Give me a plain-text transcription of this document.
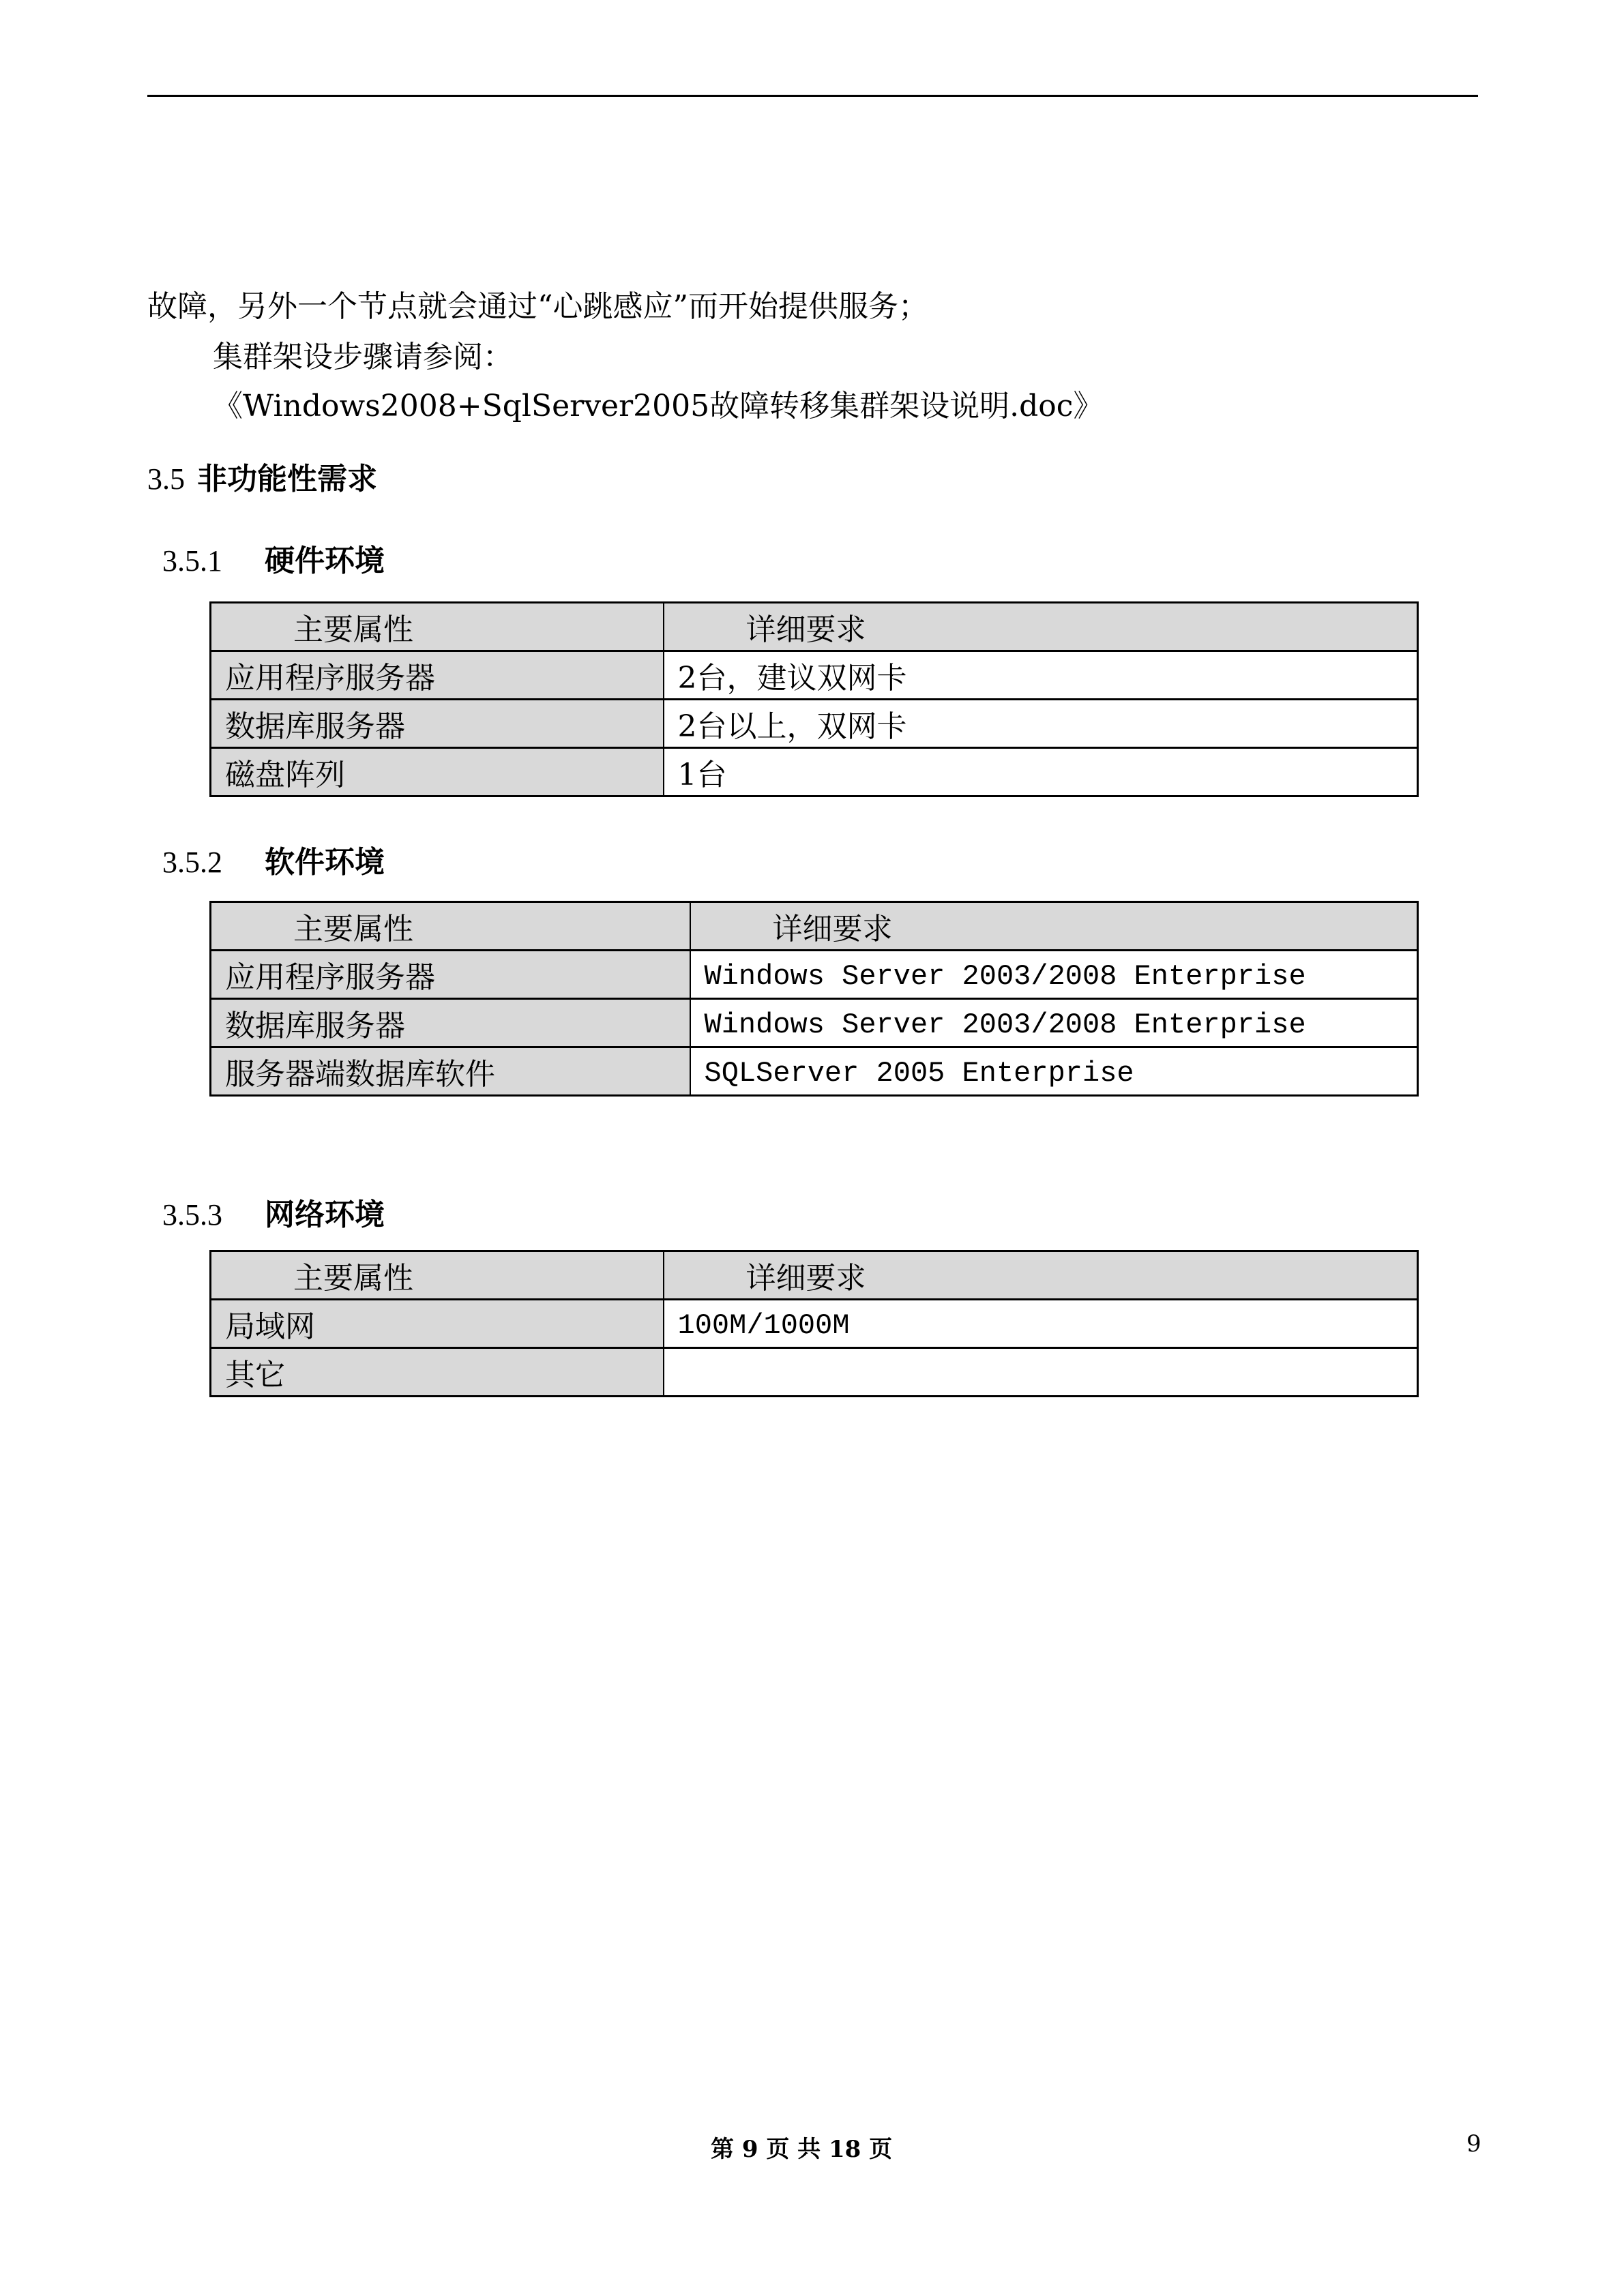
故障，另外一个节点就会通过“心跳感应”而开始提供服务；
集群架设步骤请参阅：
《Windows2008+SqlServer2005故障转移集群架设说明.doc》
3.5 非功能性需求
3.5.1 硬件环境
主要属性	详细要求
应用程序服务器	2台，建议双网卡
数据库服务器	2台以上，双网卡
磁盘阵列	1台
3.5.2 软件环境
主要属性	详细要求
应用程序服务器	Windows Server 2003/2008 Enterprise
数据库服务器	Windows Server 2003/2008 Enterprise
服务器端数据库软件	SQLServer 2005 Enterprise
3.5.3 网络环境
主要属性	详细要求
局域网	100M/1000M
其它	
第 9 页 共 18 页	9
